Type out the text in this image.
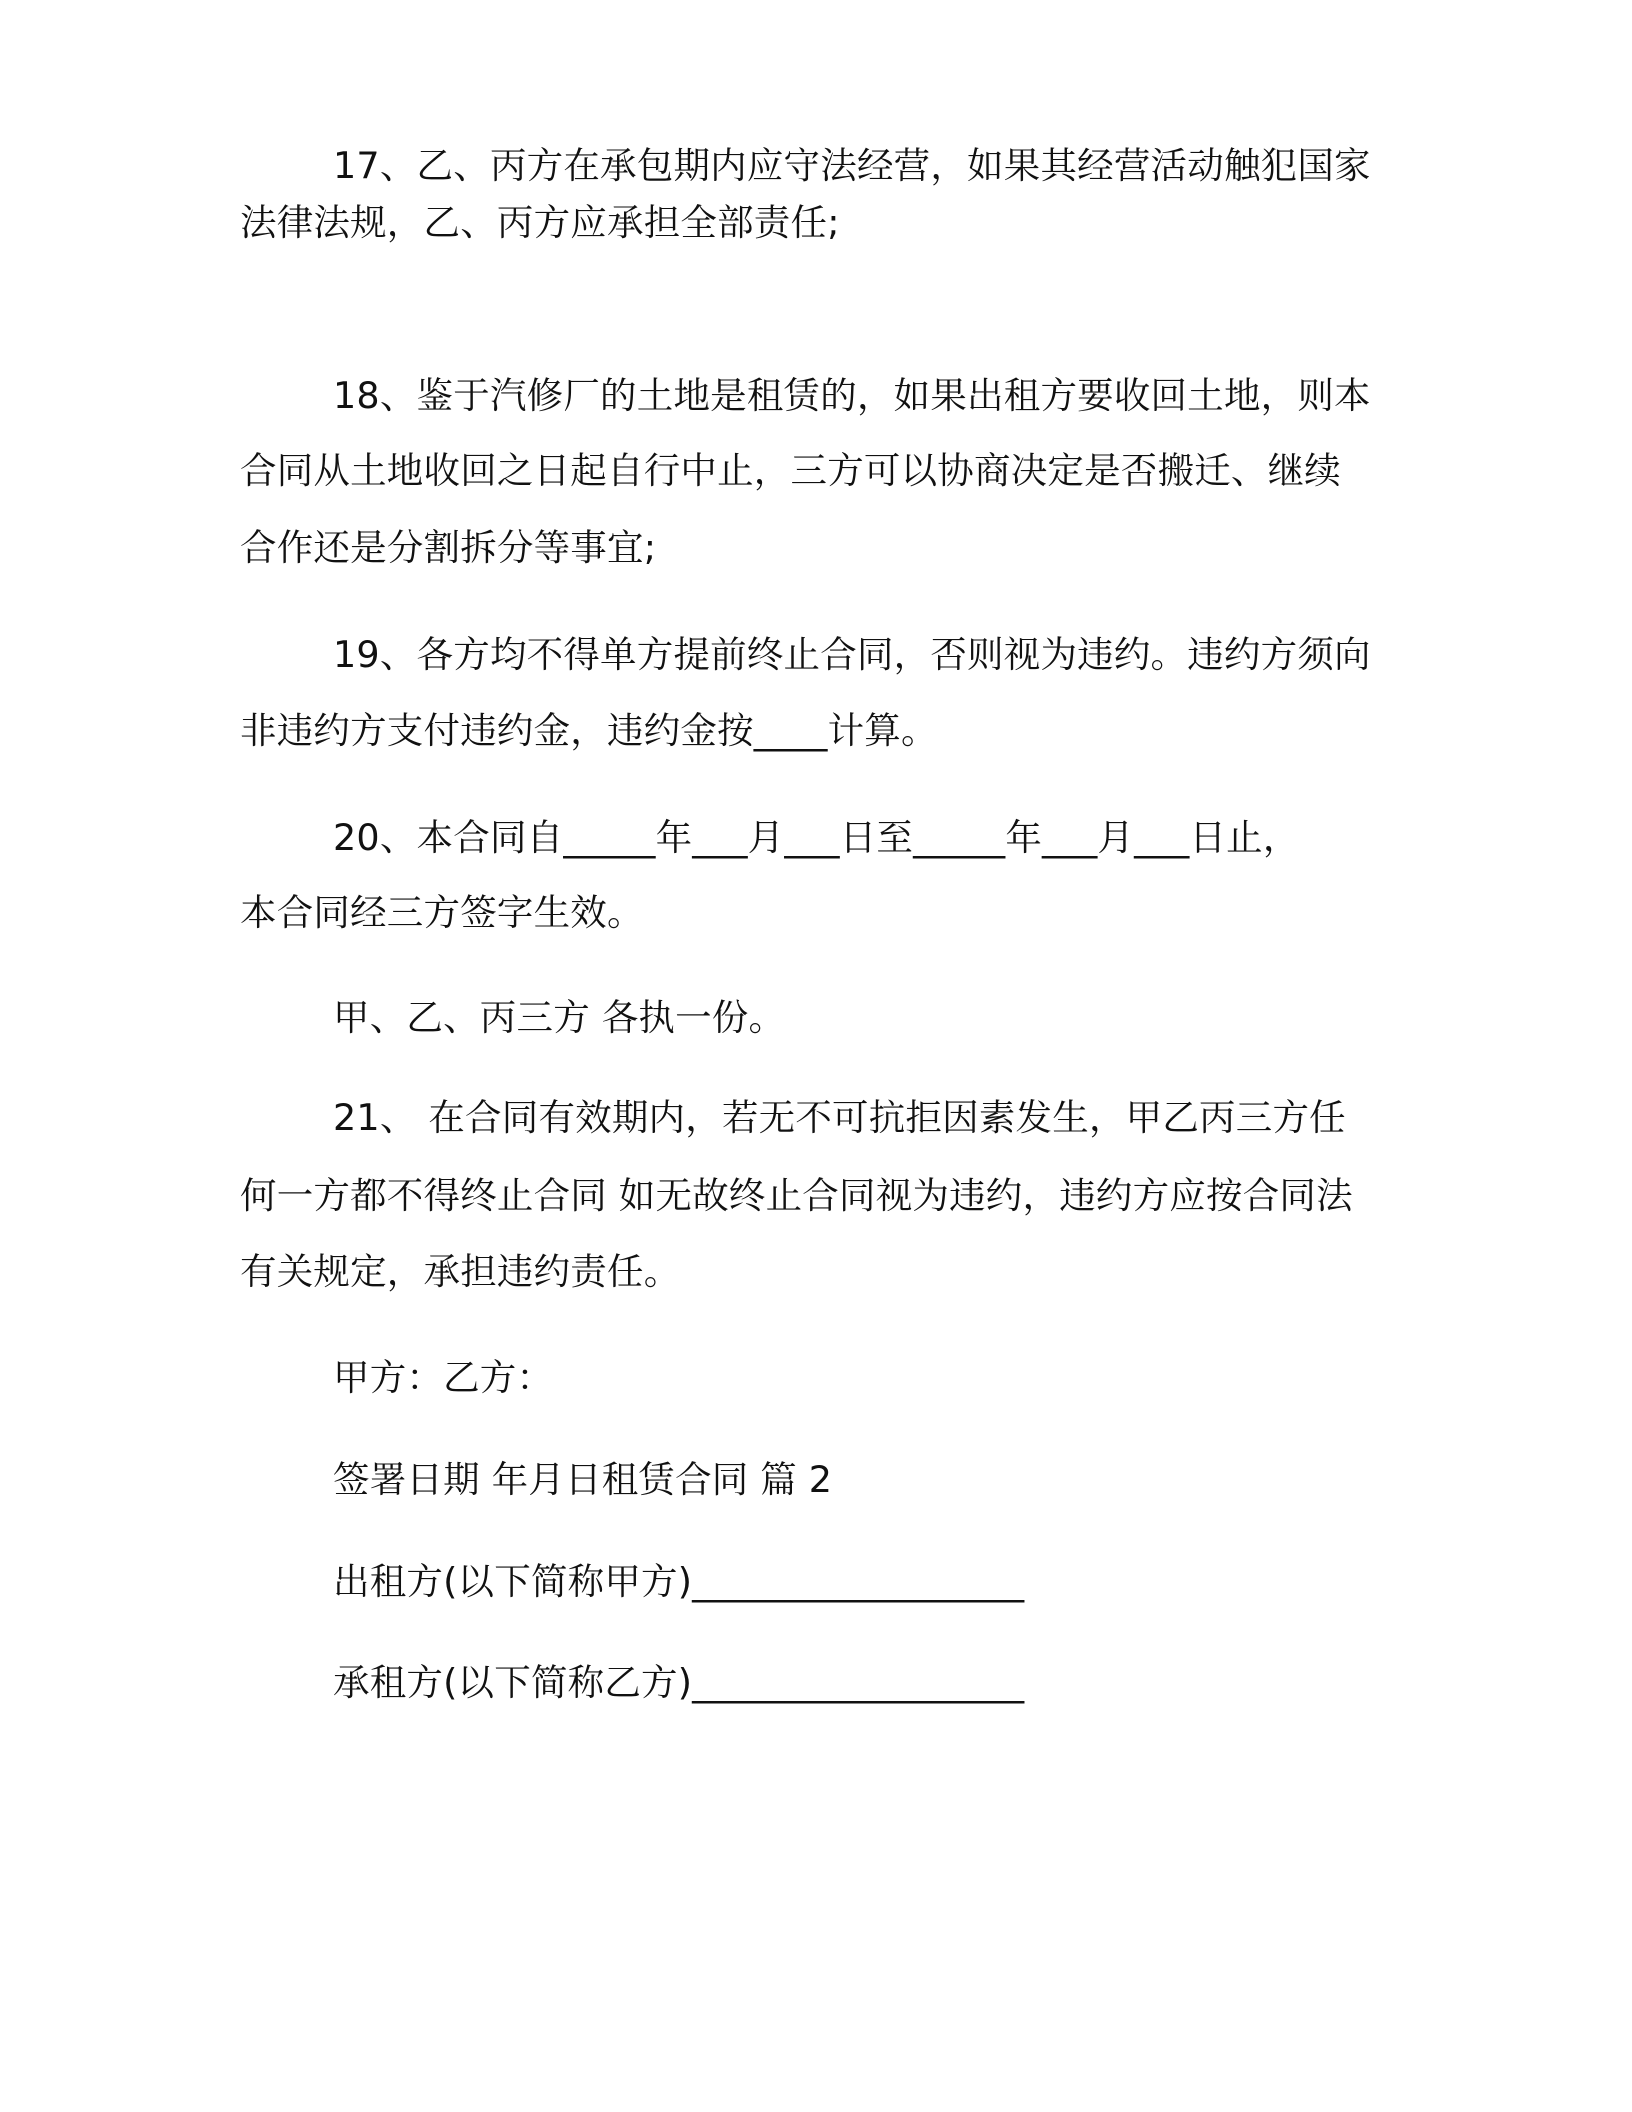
17、乙、丙方在承包期内应守法经营，如果其经营活动触犯国家
法律法规，乙、丙方应承担全部责任;
18、鉴于汽修厂的土地是租赁的，如果出租方要收回土地，则本
合同从土地收回之日起自行中止，三方可以协商决定是否搬迁、继续
合作还是分割拆分等事宜;
19、各方均不得单方提前终止合同，否则视为违约。违约方须向
非违约方支付违约金，违约金按____计算。
20、本合同自_____年___月___日至_____年___月___日止，
本合同经三方签字生效。
甲、乙、丙三方 各执一份。
21、 在合同有效期内，若无不可抗拒因素发生，甲乙丙三方任
何一方都不得终止合同 如无故终止合同视为违约，违约方应按合同法
有关规定，承担违约责任。
甲方：乙方：
签署日期 年月日租赁合同 篇 2
出租方(以下简称甲方)__________________
承租方(以下简称乙方)__________________
